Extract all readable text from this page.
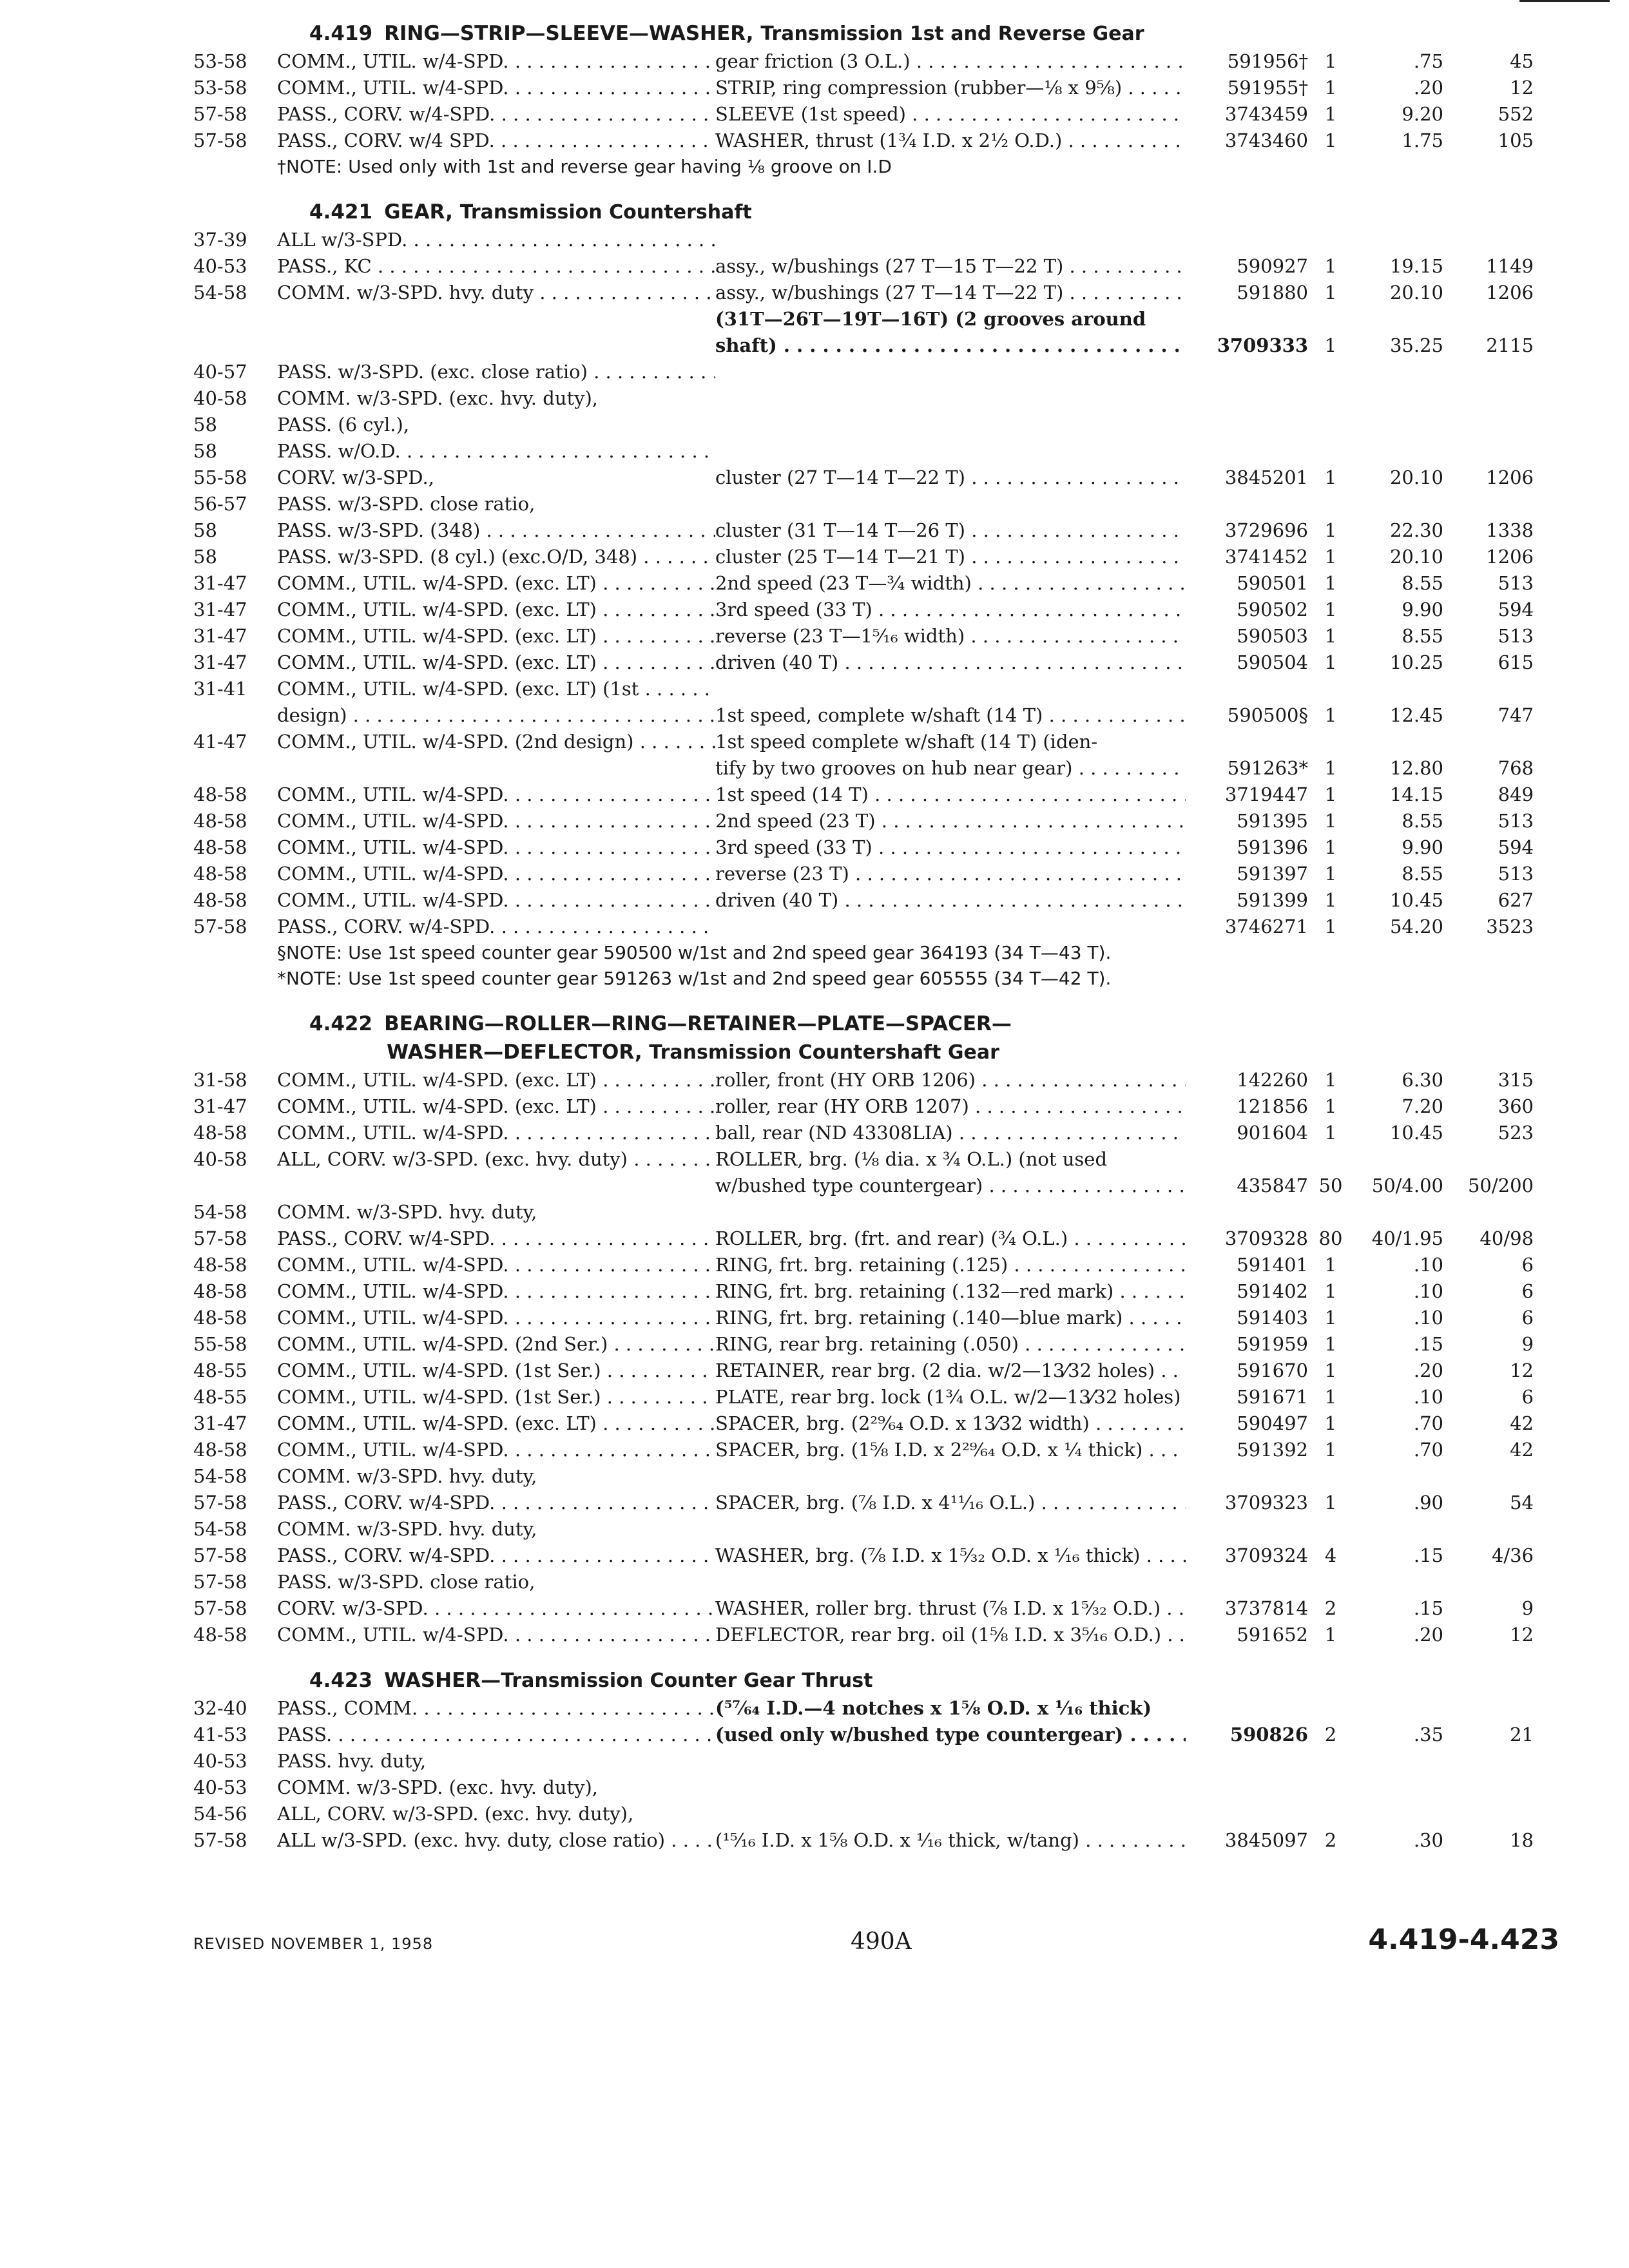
4.419 RING—STRIP—SLEEVE—WASHER, Transmission 1st and Reverse Gear
53-58	COMM., UTIL. w/4-SPD. . . .	gear friction (3 O.L.) . . .	591956† 1	.75	45
53-58	COMM., UTIL. w/4-SPD. . . .	STRIP, ring compression (rubber—⅛ x 9⅝) . . .	591955† 1	.20	12
57-58	PASS., CORV. w/4-SPD. . . .	SLEEVE (1st speed) . . .	3743459 1	9.20	552
57-58	PASS., CORV. w/4 SPD. . . .	WASHER, thrust (1¾ I.D. x 2½ O.D.) . . .	3743460 1	1.75	105
†NOTE: Used only with 1st and reverse gear having ⅛ groove on I.D
4.421 GEAR, Transmission Countershaft
37-39	ALL w/3-SPD. . . .
40-53	PASS., KC . . .	assy., w/bushings (27 T—15 T—22 T) . . .	590927 1	19.15	1149
54-58	COMM. w/3-SPD. hvy. duty . . .	assy., w/bushings (27 T—14 T—22 T) . . .	591880 1	20.10	1206
(31T—26T—19T—16T) (2 grooves around
shaft) . . .	3709333 1	35.25	2115
40-57	PASS. w/3-SPD. (exc. close ratio) . . .
40-58	COMM. w/3-SPD. (exc. hvy. duty),
58	PASS. (6 cyl.),
58	PASS. w/O.D. . . .
55-58	CORV. w/3-SPD.,	cluster (27 T—14 T—22 T) . . .	3845201 1	20.10	1206
56-57	PASS. w/3-SPD. close ratio,
58	PASS. w/3-SPD. (348) . . .	cluster (31 T—14 T—26 T) . . .	3729696 1	22.30	1338
58	PASS. w/3-SPD. (8 cyl.) (exc.O/D, 348) . . .	cluster (25 T—14 T—21 T) . . .	3741452 1	20.10	1206
31-47	COMM., UTIL. w/4-SPD. (exc. LT) . . .	2nd speed (23 T—¾ width) . . .	590501 1	8.55	513
31-47	COMM., UTIL. w/4-SPD. (exc. LT) . . .	3rd speed (33 T) . . .	590502 1	9.90	594
31-47	COMM., UTIL. w/4-SPD. (exc. LT) . . .	reverse (23 T—1⁵⁄₁₆ width) . . .	590503 1	8.55	513
31-47	COMM., UTIL. w/4-SPD. (exc. LT) . . .	driven (40 T) . . .	590504 1	10.25	615
31-41	COMM., UTIL. w/4-SPD. (exc. LT) (1st . . .
design) . . .	1st speed, complete w/shaft (14 T) . . .	590500§ 1	12.45	747
41-47	COMM., UTIL. w/4-SPD. (2nd design) . . .	1st speed complete w/shaft (14 T) (iden-
tify by two grooves on hub near gear) . . .	591263* 1	12.80	768
48-58	COMM., UTIL. w/4-SPD. . . .	1st speed (14 T) . . .	3719447 1	14.15	849
48-58	COMM., UTIL. w/4-SPD. . . .	2nd speed (23 T) . . .	591395 1	8.55	513
48-58	COMM., UTIL. w/4-SPD. . . .	3rd speed (33 T) . . .	591396 1	9.90	594
48-58	COMM., UTIL. w/4-SPD. . . .	reverse (23 T) . . .	591397 1	8.55	513
48-58	COMM., UTIL. w/4-SPD. . . .	driven (40 T) . . .	591399 1	10.45	627
57-58	PASS., CORV. w/4-SPD. . . .	3746271 1	54.20	3523
§NOTE: Use 1st speed counter gear 590500 w/1st and 2nd speed gear 364193 (34 T—43 T).
*NOTE: Use 1st speed counter gear 591263 w/1st and 2nd speed gear 605555 (34 T—42 T).
4.422 BEARING—ROLLER—RING—RETAINER—PLATE—SPACER—
WASHER—DEFLECTOR, Transmission Countershaft Gear
31-58	COMM., UTIL. w/4-SPD. (exc. LT) . . .	roller, front (HY ORB 1206) . . .	142260 1	6.30	315
31-47	COMM., UTIL. w/4-SPD. (exc. LT) . . .	roller, rear (HY ORB 1207) . . .	121856 1	7.20	360
48-58	COMM., UTIL. w/4-SPD. . . .	ball, rear (ND 43308LIA) . . .	901604 1	10.45	523
40-58	ALL, CORV. w/3-SPD. (exc. hvy. duty) . . .	ROLLER, brg. (⅛ dia. x ¾ O.L.) (not used
w/bushed type countergear) . . .	435847 50	50/4.00	50/200
54-58	COMM. w/3-SPD. hvy. duty,
57-58	PASS., CORV. w/4-SPD. . . .	ROLLER, brg. (frt. and rear) (¾ O.L.) . . .	3709328 80	40/1.95	40/98
48-58	COMM., UTIL. w/4-SPD. . . .	RING, frt. brg. retaining (.125) . . .	591401 1	.10	6
48-58	COMM., UTIL. w/4-SPD. . . .	RING, frt. brg. retaining (.132—red mark) . . .	591402 1	.10	6
48-58	COMM., UTIL. w/4-SPD. . . .	RING, frt. brg. retaining (.140—blue mark) . . .	591403 1	.10	6
55-58	COMM., UTIL. w/4-SPD. (2nd Ser.) . . .	RING, rear brg. retaining (.050) . . .	591959 1	.15	9
48-55	COMM., UTIL. w/4-SPD. (1st Ser.) . . .	RETAINER, rear brg. (2 dia. w/2—13⁄32 holes) . . .	591670 1	.20	12
48-55	COMM., UTIL. w/4-SPD. (1st Ser.) . . .	PLATE, rear brg. lock (1¾ O.L. w/2—13⁄32 holes) . . .	591671 1	.10	6
31-47	COMM., UTIL. w/4-SPD. (exc. LT) . . .	SPACER, brg. (2²⁹⁄₆₄ O.D. x 13⁄32 width) . . .	590497 1	.70	42
48-58	COMM., UTIL. w/4-SPD. . . .	SPACER, brg. (1⅝ I.D. x 2²⁹⁄₆₄ O.D. x ¼ thick) . . .	591392 1	.70	42
54-58	COMM. w/3-SPD. hvy. duty,
57-58	PASS., CORV. w/4-SPD. . . .	SPACER, brg. (⅞ I.D. x 4¹¹⁄₁₆ O.L.) . . .	3709323 1	.90	54
54-58	COMM. w/3-SPD. hvy. duty,
57-58	PASS., CORV. w/4-SPD. . . .	WASHER, brg. (⅞ I.D. x 1⁵⁄₃₂ O.D. x ¹⁄₁₆ thick) . . .	3709324 4	.15	4/36
57-58	PASS. w/3-SPD. close ratio,
57-58	CORV. w/3-SPD. . . .	WASHER, roller brg. thrust (⅞ I.D. x 1⁵⁄₃₂ O.D.) . . .	3737814 2	.15	9
48-58	COMM., UTIL. w/4-SPD. . . .	DEFLECTOR, rear brg. oil (1⅝ I.D. x 3⁵⁄₁₆ O.D.) . . .	591652 1	.20	12
4.423 WASHER—Transmission Counter Gear Thrust
32-40	PASS., COMM. . . .	(⁵⁷⁄₆₄ I.D.—4 notches x 1⅝ O.D. x ¹⁄₁₆ thick)
41-53	PASS. . . .	(used only w/bushed type countergear) . . .	590826 2	.35	21
40-53	PASS. hvy. duty,
40-53	COMM. w/3-SPD. (exc. hvy. duty),
54-56	ALL, CORV. w/3-SPD. (exc. hvy. duty),
57-58	ALL w/3-SPD. (exc. hvy. duty, close ratio) . . .	(¹⁵⁄₁₆ I.D. x 1⅝ O.D. x ¹⁄₁₆ thick, w/tang) . . .	3845097 2	.30	18
REVISED NOVEMBER 1, 1958	490A	4.419-4.423
